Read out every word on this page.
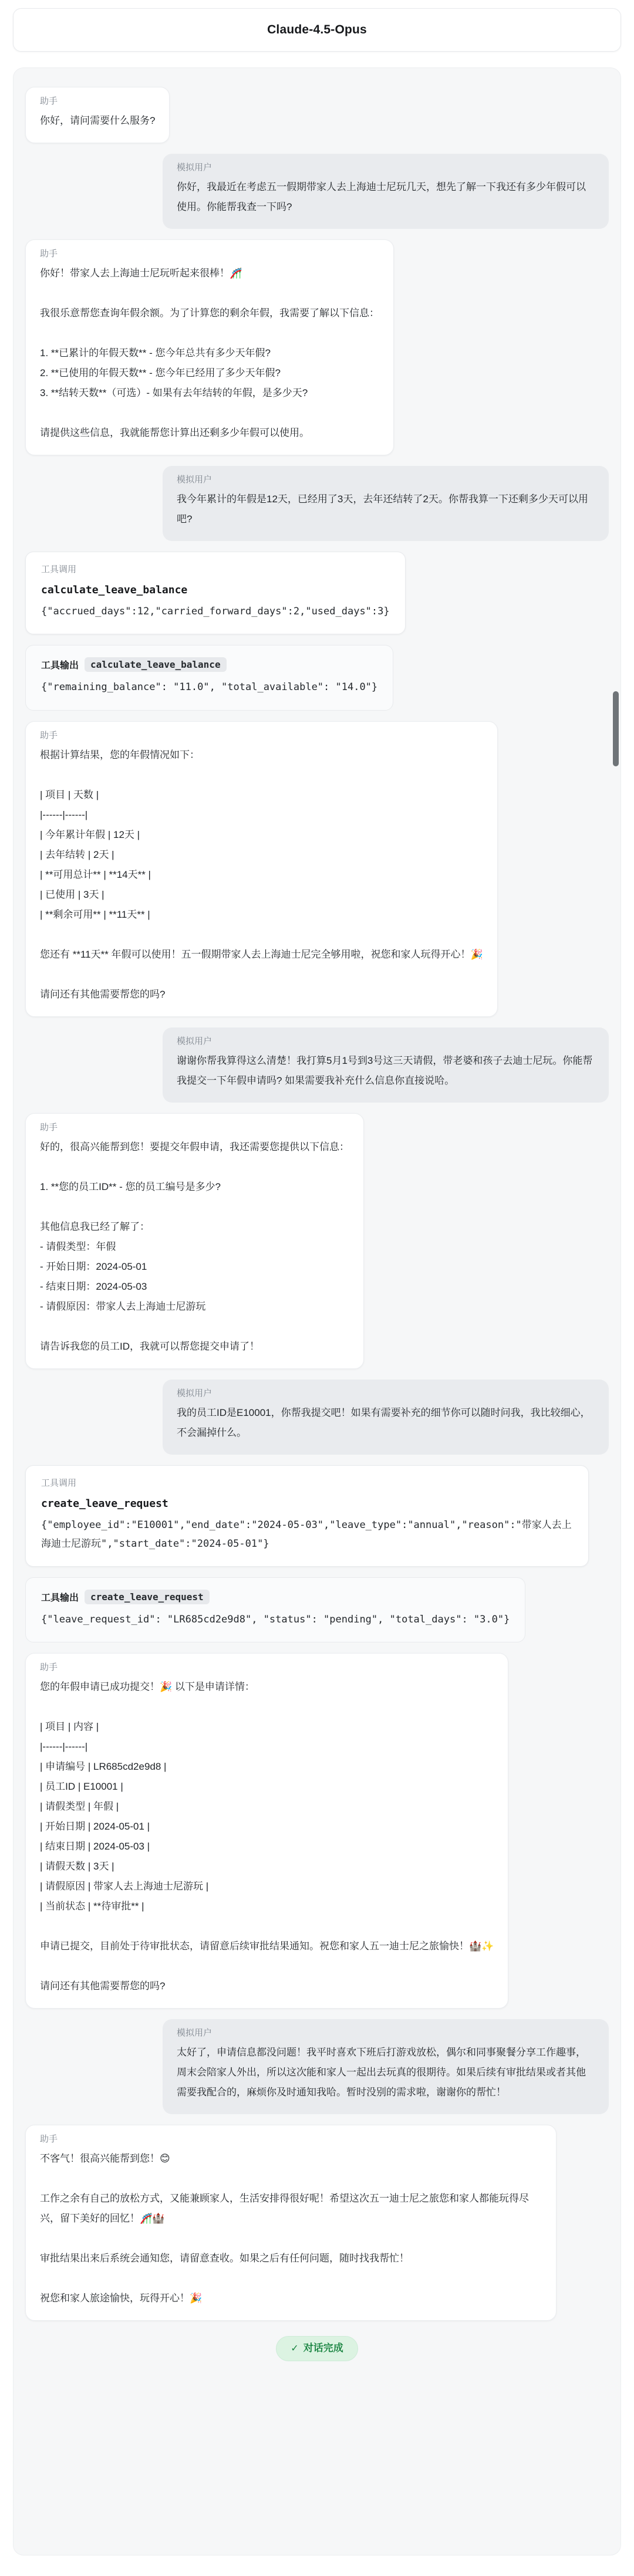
Claude-4.5-Opus
助手
你好，请问需要什么服务?
模拟用户
你好，我最近在考虑五一假期带家人去上海迪士尼玩几天，想先了解一下我还有多少年假可以使用。你能帮我查一下吗?
助手
你好！带家人去上海迪士尼玩听起来很棒！🎢

我很乐意帮您查询年假余额。为了计算您的剩余年假，我需要了解以下信息：

1. **已累计的年假天数** - 您今年总共有多少天年假?
2. **已使用的年假天数** - 您今年已经用了多少天年假?
3. **结转天数**（可选）- 如果有去年结转的年假，是多少天?

请提供这些信息，我就能帮您计算出还剩多少年假可以使用。
模拟用户
我今年累计的年假是12天，已经用了3天，去年还结转了2天。你帮我算一下还剩多少天可以用吧?
工具调用
calculate_leave_balance
{"accrued_days":12,"carried_forward_days":2,"used_days":3}
工具输出	calculate_leave_balance
{"remaining_balance": "11.0", "total_available": "14.0"}
助手
根据计算结果，您的年假情况如下：

| 项目 | 天数 |
|------|------|
| 今年累计年假 | 12天 |
| 去年结转 | 2天 |
| **可用总计** | **14天** |
| 已使用 | 3天 |
| **剩余可用** | **11天** |

您还有 **11天** 年假可以使用！五一假期带家人去上海迪士尼完全够用啦，祝您和家人玩得开心！🎉

请问还有其他需要帮您的吗?
模拟用户
谢谢你帮我算得这么清楚！我打算5月1号到3号这三天请假，带老婆和孩子去迪士尼玩。你能帮我提交一下年假申请吗? 如果需要我补充什么信息你直接说哈。
助手
好的，很高兴能帮到您！要提交年假申请，我还需要您提供以下信息：

1. **您的员工ID** - 您的员工编号是多少?

其他信息我已经了解了：
- 请假类型：年假
- 开始日期：2024-05-01
- 结束日期：2024-05-03
- 请假原因：带家人去上海迪士尼游玩

请告诉我您的员工ID，我就可以帮您提交申请了！
模拟用户
我的员工ID是E10001，你帮我提交吧！如果有需要补充的细节你可以随时问我，我比较细心，不会漏掉什么。
工具调用
create_leave_request
{"employee_id":"E10001","end_date":"2024-05-03","leave_type":"annual","reason":"带家人去上海迪士尼游玩","start_date":"2024-05-01"}
工具输出	create_leave_request
{"leave_request_id": "LR685cd2e9d8", "status": "pending", "total_days": "3.0"}
助手
您的年假申请已成功提交！🎉 以下是申请详情：

| 项目 | 内容 |
|------|------|
| 申请编号 | LR685cd2e9d8 |
| 员工ID | E10001 |
| 请假类型 | 年假 |
| 开始日期 | 2024-05-01 |
| 结束日期 | 2024-05-03 |
| 请假天数 | 3天 |
| 请假原因 | 带家人去上海迪士尼游玩 |
| 当前状态 | **待审批** |

申请已提交，目前处于待审批状态，请留意后续审批结果通知。祝您和家人五一迪士尼之旅愉快！🏰✨

请问还有其他需要帮您的吗?
模拟用户
太好了，申请信息都没问题！我平时喜欢下班后打游戏放松，偶尔和同事聚餐分享工作趣事，周末会陪家人外出，所以这次能和家人一起出去玩真的很期待。如果后续有审批结果或者其他需要我配合的，麻烦你及时通知我哈。暂时没别的需求啦，谢谢你的帮忙！
助手
不客气！很高兴能帮到您！😊

工作之余有自己的放松方式，又能兼顾家人，生活安排得很好呢！希望这次五一迪士尼之旅您和家人都能玩得尽兴，留下美好的回忆！🎢🏰

审批结果出来后系统会通知您，请留意查收。如果之后有任何问题，随时找我帮忙！

祝您和家人旅途愉快，玩得开心！🎉
✓ 对话完成
